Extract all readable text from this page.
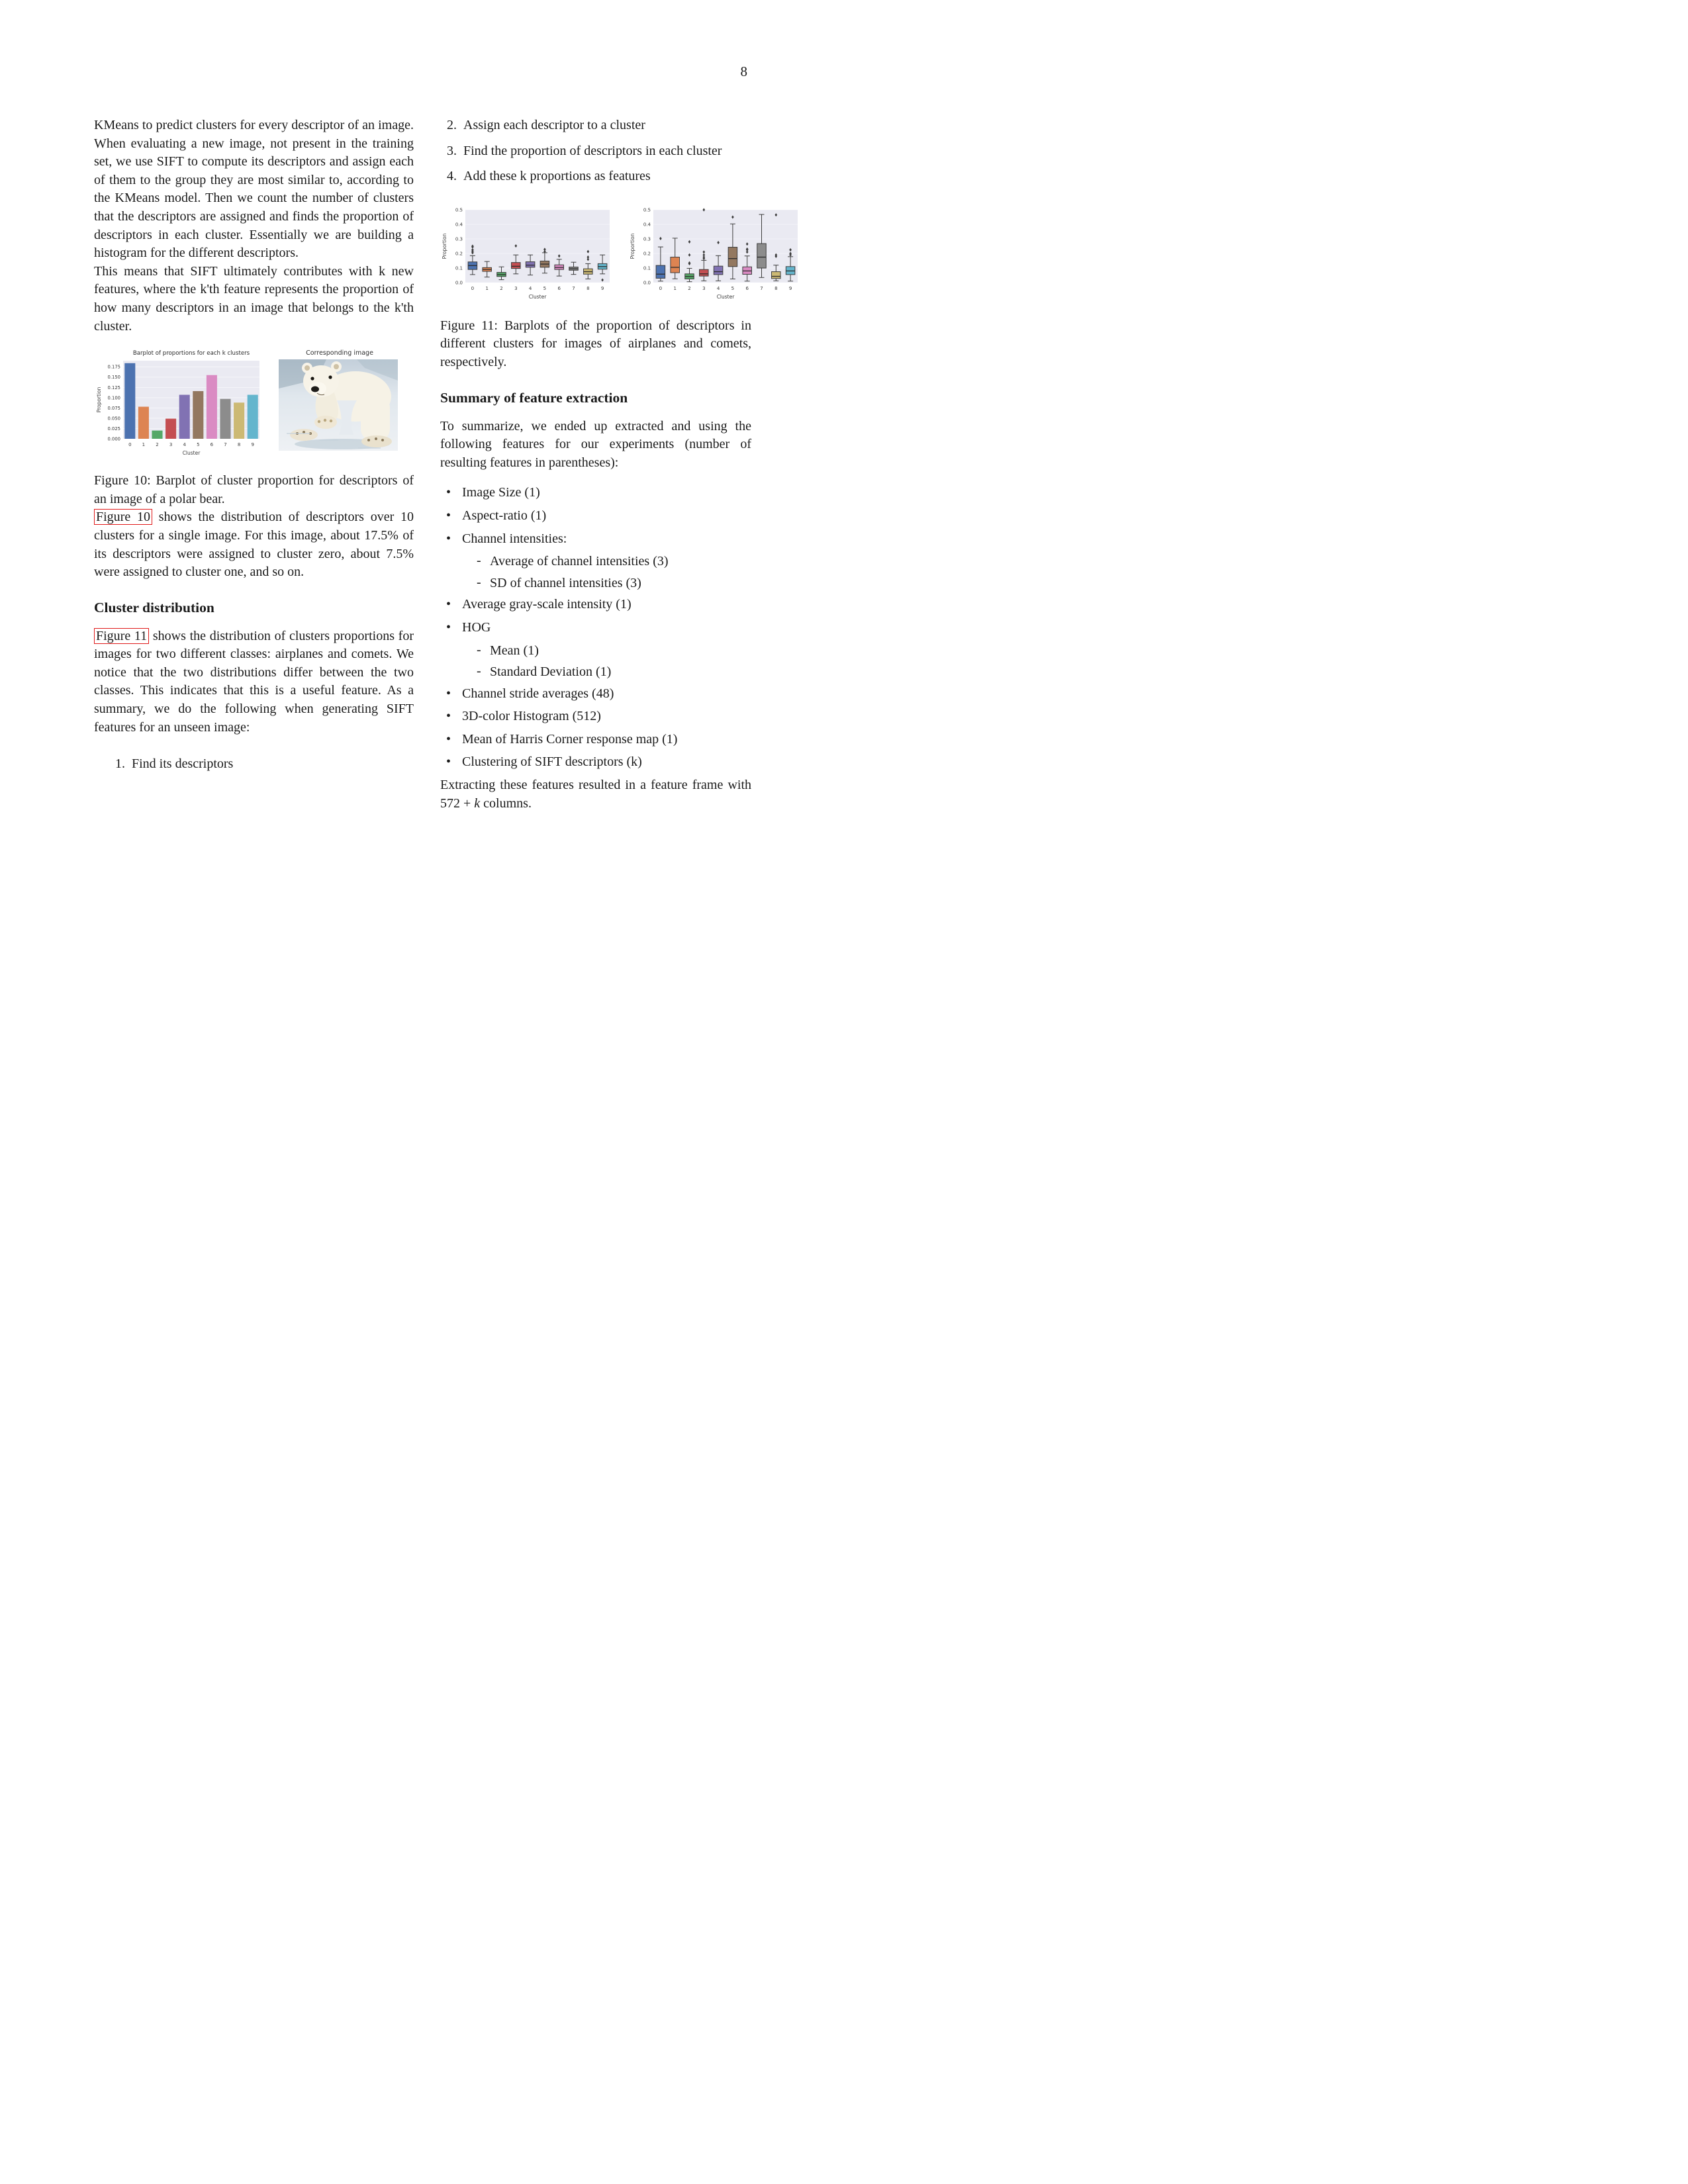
8

KMeans to predict clusters for every descriptor of an image. When evaluating a new image, not present in the training set, we use SIFT to compute its descriptors and assign each of them to the group they are most similar to, according to the KMeans model. Then we count the number of clusters that the descriptors are assigned and finds the proportion of descriptors in each cluster. Essentially we are building a histogram for the different descriptors.

This means that SIFT ultimately contributes with k new features, where the k'th feature represents the proportion of how many descriptors in an image that belongs to the k'th cluster.

0.000
0.025
0.050
0.075
0.100
0.125
0.150
0.175
0 1 2 3 4 5 6 7 8 9
Barplot of proportions for each k clusters
Cluster
Proportion
Corresponding image

Figure 10: Barplot of cluster proportion for descriptors of an image of a polar bear.

Figure 10 shows the distribution of descriptors over 10 clusters for a single image. For this image, about 17.5% of its descriptors were assigned to cluster zero, about 7.5% were assigned to cluster one, and so on.

Cluster distribution

Figure 11 shows the distribution of clusters proportions for images for two different classes: airplanes and comets. We notice that the two distributions differ between the two classes. This indicates that this is a useful feature. As a summary, we do the following when generating SIFT features for an unseen image:

1. Find its descriptors
2. Assign each descriptor to a cluster
3. Find the proportion of descriptors in each cluster
4. Add these k proportions as features
0.0
0.1
0.2
0.3
0.4
0.5
0 1 2 3 4 5 6 7 8 9
Cluster
Proportion
0.0
0.1
0.2
0.3
0.4
0.5
0 1 2 3 4 5 6 7 8 9
Cluster
Proportion

Figure 11: Barplots of the proportion of descriptors in different clusters for images of airplanes and comets, respectively.

Summary of feature extraction

To summarize, we ended up extracted and using the following features for our experiments (number of resulting features in parentheses):

• Image Size (1)
• Aspect-ratio (1)
• Channel intensities:
- Average of channel intensities (3)
- SD of channel intensities (3)
• Average gray-scale intensity (1)
• HOG
- Mean (1)
- Standard Deviation (1)
• Channel stride averages (48)
• 3D-color Histogram (512)
• Mean of Harris Corner response map (1)
• Clustering of SIFT descriptors (k)

Extracting these features resulted in a feature frame with 572 + k columns.
